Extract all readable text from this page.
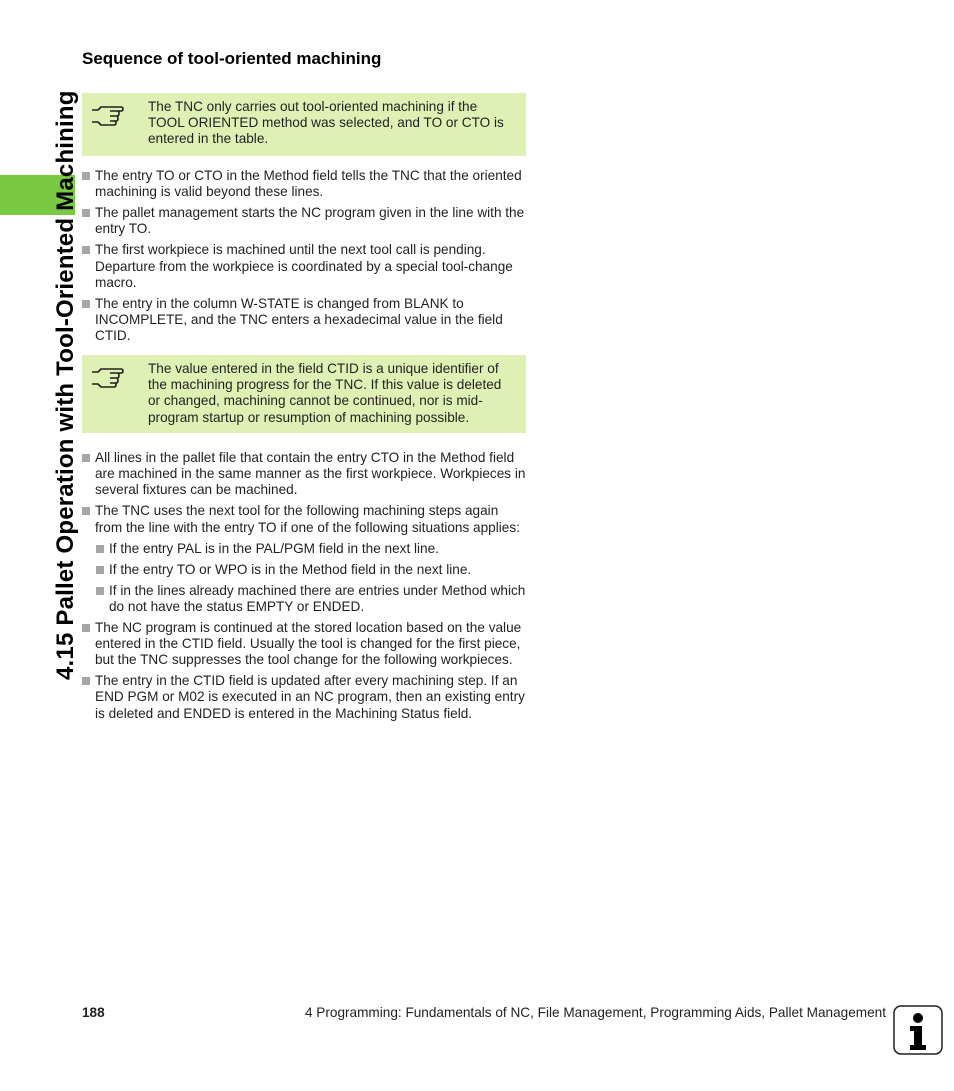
4.15 Pallet Operation with Tool-Oriented Machining
Sequence of tool-oriented machining
The TNC only carries out tool-oriented machining if the TOOL ORIENTED method was selected, and TO or CTO is entered in the table.
The entry TO or CTO in the Method field tells the TNC that the oriented machining is valid beyond these lines.
The pallet management starts the NC program given in the line with the entry TO.
The first workpiece is machined until the next tool call is pending. Departure from the workpiece is coordinated by a special tool-change macro.
The entry in the column W-STATE is changed from BLANK to INCOMPLETE, and the TNC enters a hexadecimal value in the field CTID.
The value entered in the field CTID is a unique identifier of the machining progress for the TNC. If this value is deleted or changed, machining cannot be continued, nor is mid-program startup or resumption of machining possible.
All lines in the pallet file that contain the entry CTO in the Method field are machined in the same manner as the first workpiece. Workpieces in several fixtures can be machined.
The TNC uses the next tool for the following machining steps again from the line with the entry TO if one of the following situations applies:
If the entry PAL is in the PAL/PGM field in the next line.
If the entry TO or WPO is in the Method field in the next line.
If in the lines already machined there are entries under Method which do not have the status EMPTY or ENDED.
The NC program is continued at the stored location based on the value entered in the CTID field. Usually the tool is changed for the first piece, but the TNC suppresses the tool change for the following workpieces.
The entry in the CTID field is updated after every machining step. If an END PGM or M02 is executed in an NC program, then an existing entry is deleted and ENDED is entered in the Machining Status field.
188	4 Programming: Fundamentals of NC, File Management, Programming Aids, Pallet Management
